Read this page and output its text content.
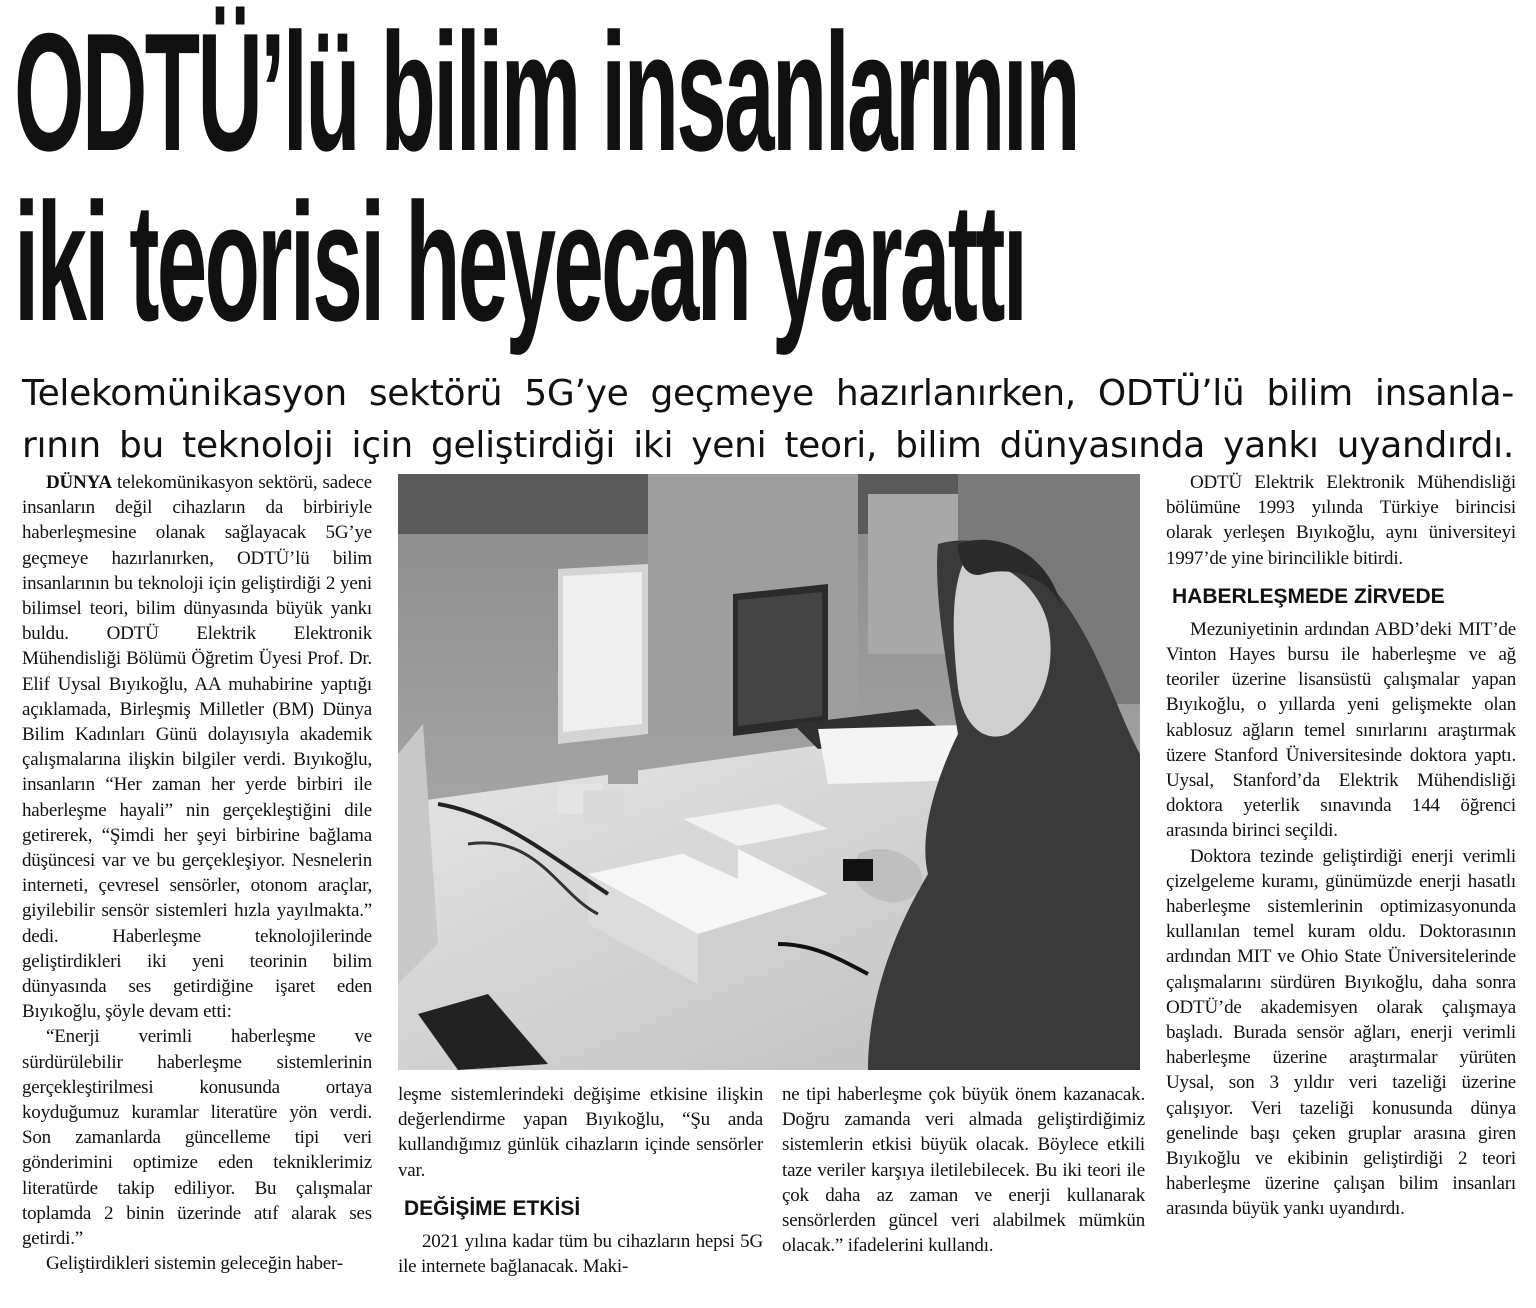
ODTÜ’lü bilim insanlarının
iki teorisi heyecan yarattı
Telekomünikasyon sektörü 5G’ye geçmeye hazırlanırken, ODTÜ’lü bilim insanla-
rının bu teknoloji için geliştirdiği iki yeni teori, bilim dünyasında yankı uyandırdı.

DÜNYA telekomünikasyon sektörü, sadece insanların değil cihazların da birbiriyle haberleşmesine olanak sağlayacak 5G’ye geçmeye hazırlanırken, ODTÜ’lü bilim insanlarının bu teknoloji için geliştirdiği 2 yeni bilimsel teori, bilim dünyasında büyük yankı buldu. ODTÜ Elektrik Elektronik Mühendisliği Bölümü Öğretim Üyesi Prof. Dr. Elif Uysal Bıyıkoğlu, AA muhabirine yaptığı açıklamada, Birleşmiş Milletler (BM) Dünya Bilim Kadınları Günü dolayısıyla akademik çalışmalarına ilişkin bilgiler verdi. Bıyıkoğlu, insanların “Her zaman her yerde birbiri ile haberleşme hayali” nin gerçekleştiğini dile getirerek, “Şimdi her şeyi birbirine bağlama düşüncesi var ve bu gerçekleşiyor. Nesnelerin interneti, çevresel sensörler, otonom araçlar, giyilebilir sensör sistemleri hızla yayılmakta.” dedi. Haberleşme teknolojilerinde geliştirdikleri iki yeni teorinin bilim dünyasında ses getirdiğine işaret eden Bıyıkoğlu, şöyle devam etti:

“Enerji verimli haberleşme ve sürdürülebilir haberleşme sistemlerinin gerçekleştirilmesi konusunda ortaya koyduğumuz kuramlar literatüre yön verdi. Son zamanlarda güncelleme tipi veri gönderimini optimize eden tekniklerimiz literatürde takip ediliyor. Bu çalışmalar toplamda 2 binin üzerinde atıf alarak ses getirdi.”

Geliştirdikleri sistemin geleceğin haber-

leşme sistemlerindeki değişime etkisine ilişkin değerlendirme yapan Bıyıkoğlu, “Şu anda kullandığımız günlük cihazların içinde sensörler var.

DEĞİŞİME ETKİSİ

2021 yılına kadar tüm bu cihazların hepsi 5G ile internete bağlanacak. Maki-

ne tipi haberleşme çok büyük önem kazanacak. Doğru zamanda veri almada geliştirdiğimiz sistemlerin etkisi büyük olacak. Böylece etkili taze veriler karşıya iletilebilecek. Bu iki teori ile çok daha az zaman ve enerji kullanarak sensörlerden güncel veri alabilmek mümkün olacak.” ifadelerini kullandı.

ODTÜ Elektrik Elektronik Mühendisliği bölümüne 1993 yılında Türkiye birincisi olarak yerleşen Bıyıkoğlu, aynı üniversiteyi 1997’de yine birincilikle bitirdi.

HABERLEŞMEDE ZİRVEDE

Mezuniyetinin ardından ABD’deki MIT’de Vinton Hayes bursu ile haberleşme ve ağ teoriler üzerine lisansüstü çalışmalar yapan Bıyıkoğlu, o yıllarda yeni gelişmekte olan kablosuz ağların temel sınırlarını araştırmak üzere Stanford Üniversitesinde doktora yaptı. Uysal, Stanford’da Elektrik Mühendisliği doktora yeterlik sınavında 144 öğrenci arasında birinci seçildi.

Doktora tezinde geliştirdiği enerji verimli çizelgeleme kuramı, günümüzde enerji hasatlı haberleşme sistemlerinin optimizasyonunda kullanılan temel kuram oldu. Doktorasının ardından MIT ve Ohio State Üniversitelerinde çalışmalarını sürdüren Bıyıkoğlu, daha sonra ODTÜ’de akademisyen olarak çalışmaya başladı. Burada sensör ağları, enerji verimli haberleşme üzerine araştırmalar yürüten Uysal, son 3 yıldır veri tazeliği üzerine çalışıyor. Veri tazeliği konusunda dünya genelinde başı çeken gruplar arasına giren Bıyıkoğlu ve ekibinin geliştirdiği 2 teori haberleşme üzerine çalışan bilim insanları arasında büyük yankı uyandırdı.
